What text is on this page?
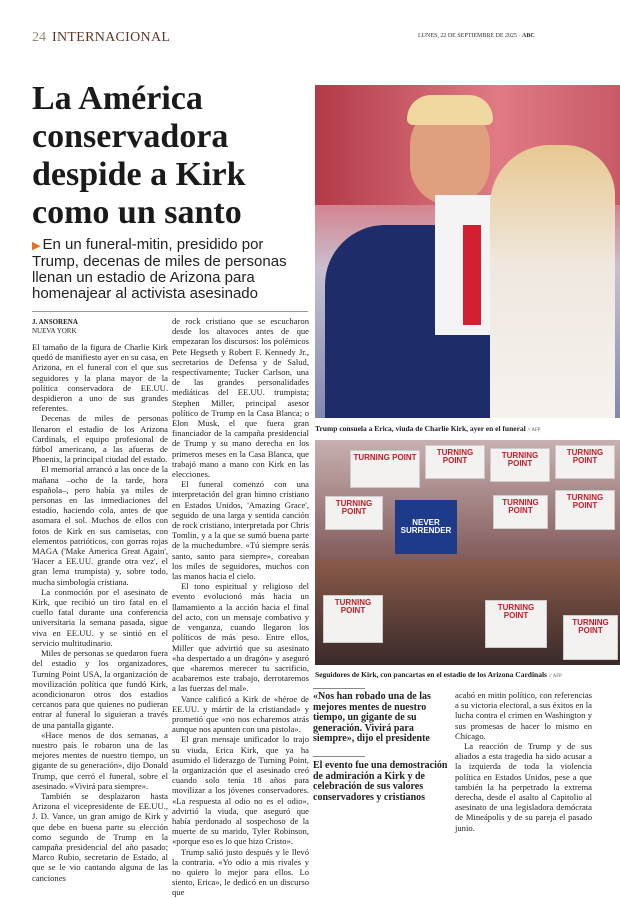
24 INTERNACIONAL	LUNES, 22 DE SEPTIEMBRE DE 2025 · ABC
La América conservadora despide a Kirk como un santo
▶ En un funeral-mitin, presidido por Trump, decenas de miles de personas llenan un estadio de Arizona para homenajear al activista asesinado
J. ANSORENA
NUEVA YORK

El tamaño de la figura de Charlie Kirk quedó de manifiesto ayer en su casa, en Arizona, en el funeral con el que sus seguidores y la plana mayor de la política conservadora de EE.UU. despidieron a uno de sus grandes referentes.

Decenas de miles de personas llenaron el estadio de los Arizona Cardinals, el equipo profesional de fútbol americano, a las afueras de Phoenix, la principal ciudad del estado.

El memorial arrancó a las once de la mañana –ocho de la tarde, hora española–, pero había ya miles de personas en las inmediaciones del estadio, haciendo cola, antes de que asomara el sol. Muchos de ellos con fotos de Kirk en sus camisetas, con elementos patrióticos, con gorras rojas MAGA ('Make America Great Again', 'Hacer a EE.UU. grande otra vez', el gran lema trumpista) y, sobre todo, mucha simbología cristiana.

La conmoción por el asesinato de Kirk, que recibió un tiro fatal en el cuello fatal durante una conferencia universitaria la semana pasada, sigue viva en EE.UU. y se sintió en el servicio multitudinario.

Miles de personas se quedaron fuera del estadio y los organizadores, Turning Point USA, la organización de movilización política que fundó Kirk, acondicionaron otros dos estadios cercanos para que quienes no pudieran entrar al funeral lo siguieran a través de una pantalla gigante.

«Hace menos de dos semanas, a nuestro país le robaron una de las mejores mentes de nuestro tiempo, un gigante de su generación», dijo Donald Trump, que cerró el funeral, sobre el asesinado. «Vivirá para siempre».

También se desplazaron hasta Arizona el vicepresidente de EE.UU., J. D. Vance, un gran amigo de Kirk y que debe en buena parte su elección como segundo de Trump en la campaña presidencial del año pasado; Marco Rubio, secretario de Estado, al que se le vio cantando alguna de las canciones

de rock cristiano que se escucharon desde los altavoces antes de que empezaran los discursos: los polémicos Pete Hegseth y Robert F. Kennedy Jr., secretarios de Defensa y de Salud, respectivamente; Tucker Carlson, una de las grandes personalidades mediáticas del EE.UU. trumpista; Stephen Miller, principal asesor político de Trump en la Casa Blanca; o Elon Musk, el que fuera gran financiador de la campaña presidencial de Trump y su mano derecha en los primeros meses en la Casa Blanca, que trabajó mano a mano con Kirk en las elecciones.

El funeral comenzó con una interpretación del gran himno cristiano en Estados Unidos, 'Amazing Grace', seguido de una larga y sentida canción de rock cristiano, interpretada por Chris Tomlin, y a la que se sumó buena parte de la muchedumbre. «Tú siempre serás santo, santo para siempre», coreaban los miles de seguidores, muchos con las manos hacia el cielo.

El tono espiritual y religioso del evento evolucionó más hacia un llamamiento a la acción hacia el final del acto, con un mensaje combativo y de venganza, cuando llegaron los políticos de más peso. Entre ellos, Miller que advirtió que su asesinato «ha despertado a un dragón» y aseguró que «haremos merecer tu sacrificio, acabaremos este trabajo, derrotaremos a las fuerzas del mal».

Vance calificó a Kirk de «héroe de EE.UU. y mártir de la cristiandad» y prometió que «no nos echaremos atrás aunque nos apunten con una pistola».

El gran mensaje unificador lo trajo su viuda, Erica Kirk, que ya ha asumido el liderazgo de Turning Point, la organización que el asesinado creó cuando solo tenía 18 años para movilizar a los jóvenes conservadores. «La respuesta al odio no es el odio», advirtió la viuda, que aseguró que había perdonado al sospechoso de la muerte de su marido, Tyler Robinson, «porque eso es lo que hizo Cristo».

Trump salió justo después y le llevó la contraria. «Yo odio a mis rivales y no quiero lo mejor para ellos. Lo siento, Erica», le dedicó en un discurso que

Trump consuela a Erica, viuda de Charlie Kirk, ayer en el funeral // AFP
TURNING POINT
TURNING POINT
TURNING POINT
TURNING POINT
TURNING POINT
TURNING POINT
TURNING POINT
NEVER SURRENDER
TURNING POINT	TURNING POINT
TURNING POINT
Seguidores de Kirk, con pancartas en el estadio de los Arizona Cardinals // AFP
«Nos han robado una de las mejores mentes de nuestro tiempo, un gigante de su generación. Vivirá para siempre», dijo el presidente
El evento fue una demostración de admiración a Kirk y de celebración de sus valores conservadores y cristianos

acabó en mitin político, con referencias a su victoria electoral, a sus éxitos en la lucha contra el crimen en Washington y sus promesas de hacer lo mismo en Chicago.

La reacción de Trump y de sus aliados a esta tragedia ha sido acusar a la izquierda de toda la violencia política en Estados Unidos, pese a que también la ha perpetrado la extrema derecha, desde el asalto al Capitolio al asesinato de una legisladora demócrata de Mineápolis y de su pareja el pasado junio.
